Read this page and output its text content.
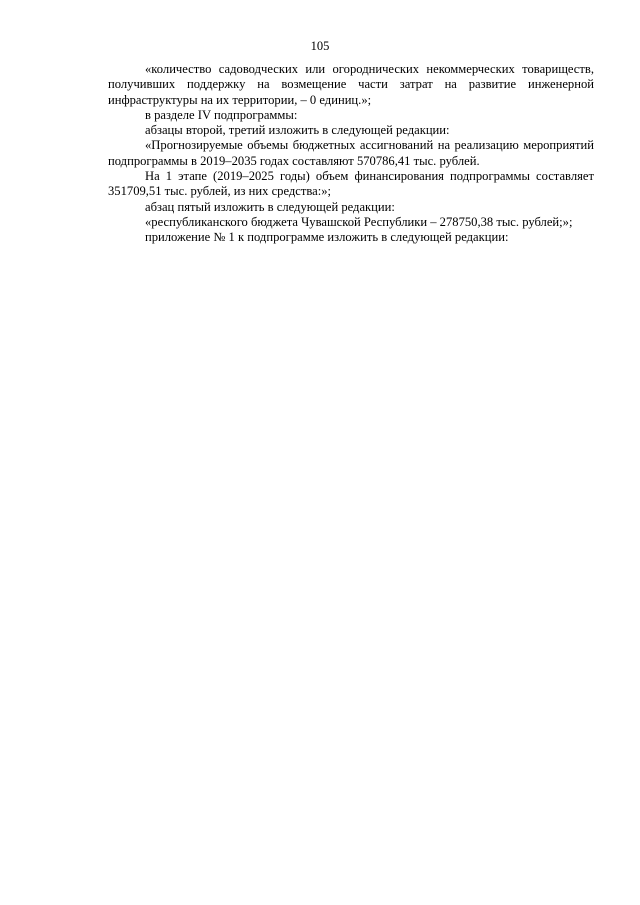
105

«количество садоводческих или огороднических некоммерческих товариществ, получивших поддержку на возмещение части затрат на развитие инженерной инфраструктуры на их территории, – 0 единиц.»;

в разделе IV подпрограммы:

абзацы второй, третий изложить в следующей редакции:

«Прогнозируемые объемы бюджетных ассигнований на реализацию мероприятий подпрограммы в 2019–2035 годах составляют 570786,41 тыс. рублей.

На 1 этапе (2019–2025 годы) объем финансирования подпрограммы составляет 351709,51 тыс. рублей, из них средства:»;

абзац пятый изложить в следующей редакции:

«республиканского бюджета Чувашской Республики – 278750,38 тыс. рублей;»;

приложение № 1 к подпрограмме изложить в следующей редакции:
